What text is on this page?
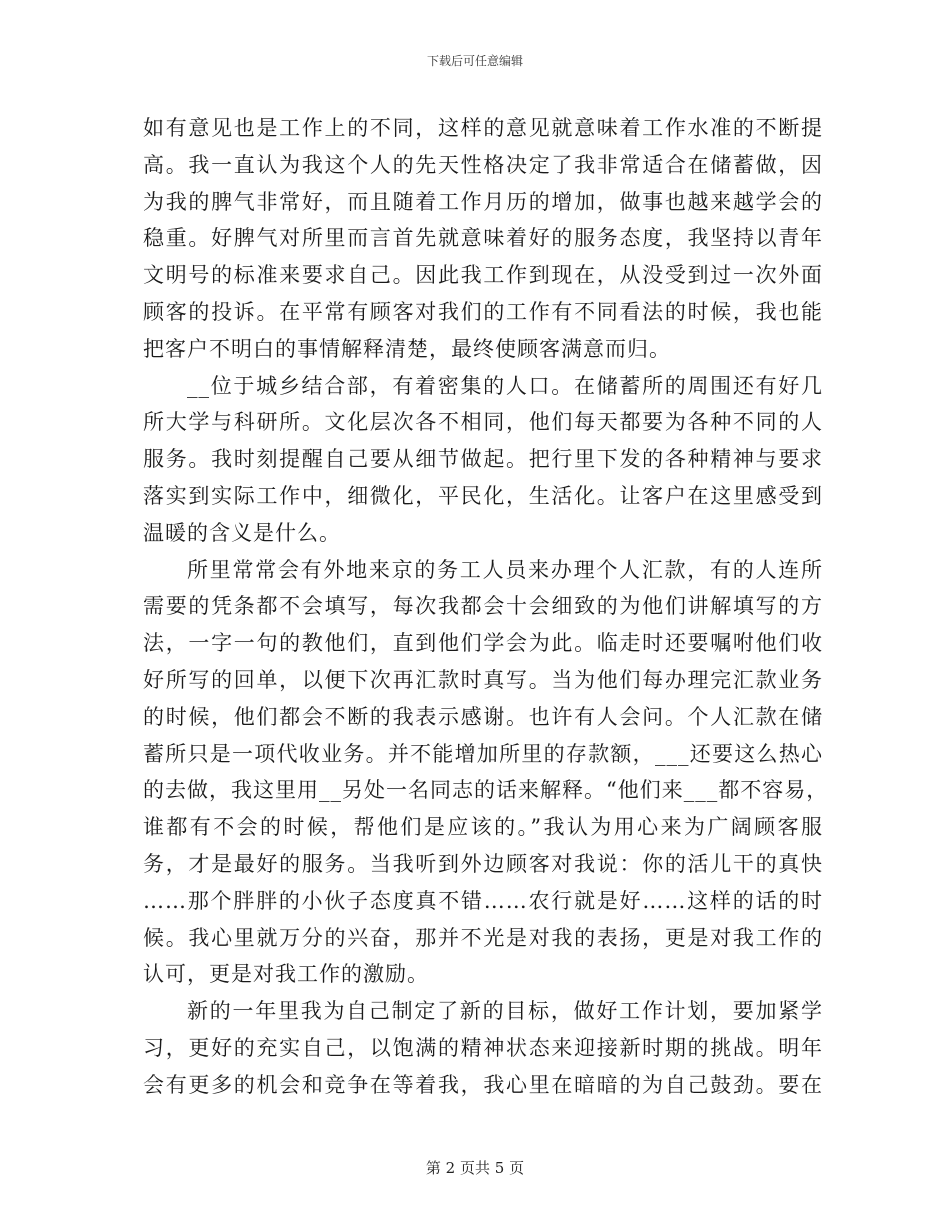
下载后可任意编辑
如有意见也是工作上的不同，这样的意见就意味着工作水准的不断提
高。我一直认为我这个人的先天性格决定了我非常适合在储蓄做，因
为我的脾气非常好，而且随着工作月历的增加，做事也越来越学会的
稳重。好脾气对所里而言首先就意味着好的服务态度，我坚持以青年
文明号的标准来要求自己。因此我工作到现在，从没受到过一次外面
顾客的投诉。在平常有顾客对我们的工作有不同看法的时候，我也能
把客户不明白的事情解释清楚，最终使顾客满意而归。
__位于城乡结合部，有着密集的人口。在储蓄所的周围还有好几
所大学与科研所。文化层次各不相同，他们每天都要为各种不同的人
服务。我时刻提醒自己要从细节做起。把行里下发的各种精神与要求
落实到实际工作中，细微化，平民化，生活化。让客户在这里感受到
温暖的含义是什么。
所里常常会有外地来京的务工人员来办理个人汇款，有的人连所
需要的凭条都不会填写，每次我都会十会细致的为他们讲解填写的方
法，一字一句的教他们，直到他们学会为此。临走时还要嘱咐他们收
好所写的回单，以便下次再汇款时真写。当为他们每办理完汇款业务
的时候，他们都会不断的我表示感谢。也许有人会问。个人汇款在储
蓄所只是一项代收业务。并不能增加所里的存款额，___还要这么热心
的去做，我这里用__另处一名同志的话来解释。“他们来___都不容易，
谁都有不会的时候，帮他们是应该的。”我认为用心来为广阔顾客服
务，才是最好的服务。当我听到外边顾客对我说：你的活儿干的真快
……那个胖胖的小伙子态度真不错……农行就是好……这样的话的时
候。我心里就万分的兴奋，那并不光是对我的表扬，更是对我工作的
认可，更是对我工作的激励。
新的一年里我为自己制定了新的目标，做好工作计划，要加紧学
习，更好的充实自己，以饱满的精神状态来迎接新时期的挑战。明年
会有更多的机会和竞争在等着我，我心里在暗暗的为自己鼓劲。要在
第 2 页共 5 页
